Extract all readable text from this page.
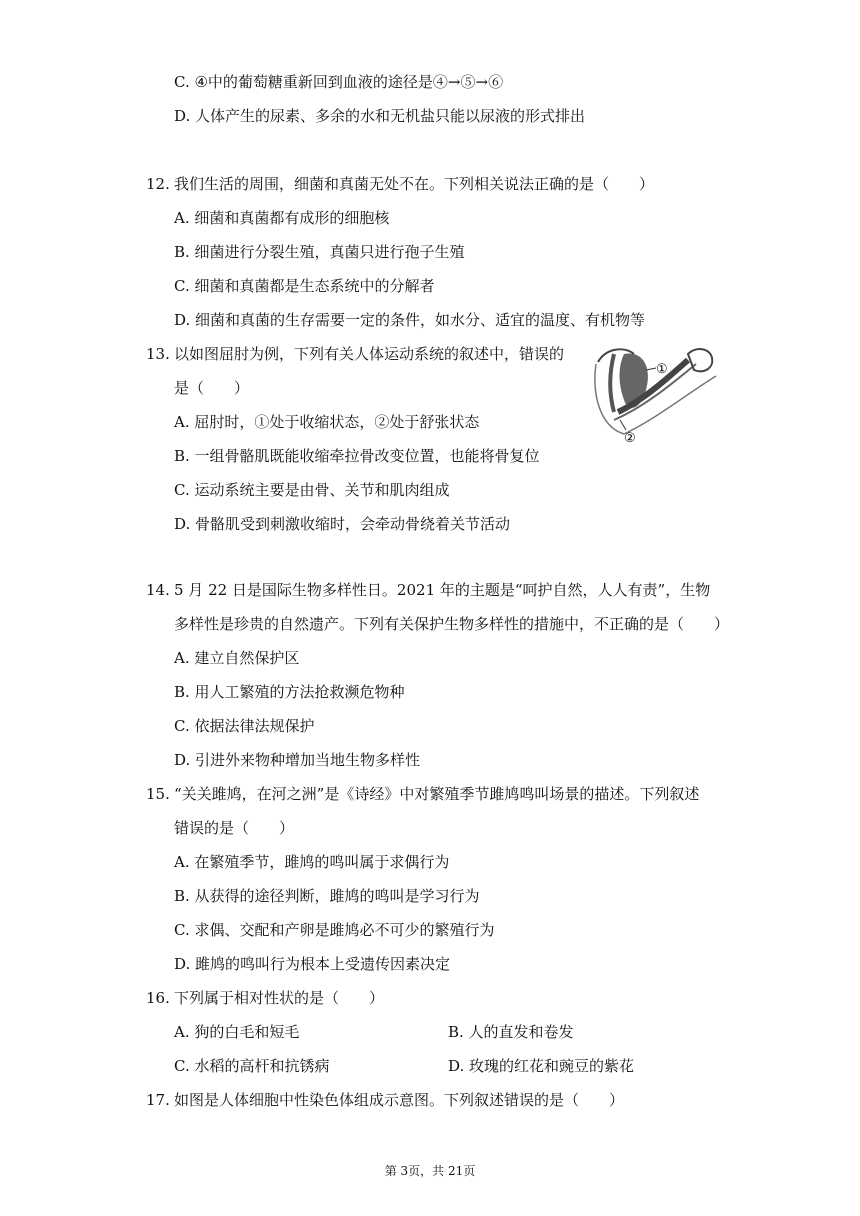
C. ④中的葡萄糖重新回到血液的途径是④→⑤→⑥
D. 人体产生的尿素、多余的水和无机盐只能以尿液的形式排出
12. 我们生活的周围，细菌和真菌无处不在。下列相关说法正确的是（　　）
A. 细菌和真菌都有成形的细胞核
B. 细菌进行分裂生殖，真菌只进行孢子生殖
C. 细菌和真菌都是生态系统中的分解者
D. 细菌和真菌的生存需要一定的条件，如水分、适宜的温度、有机物等
13. 以如图屈肘为例，下列有关人体运动系统的叙述中，错误的
是（　　）
A. 屈肘时，①处于收缩状态，②处于舒张状态
B. 一组骨骼肌既能收缩牵拉骨改变位置，也能将骨复位
C. 运动系统主要是由骨、关节和肌肉组成
D. 骨骼肌受到刺激收缩时，会牵动骨绕着关节活动
①
②
14. 5 月 22 日是国际生物多样性日。2021 年的主题是“呵护自然，人人有责”，生物
多样性是珍贵的自然遗产。下列有关保护生物多样性的措施中，不正确的是（　　）
A. 建立自然保护区
B. 用人工繁殖的方法抢救濒危物种
C. 依据法律法规保护
D. 引进外来物种增加当地生物多样性
15. “关关雎鸠，在河之洲”是《诗经》中对繁殖季节雎鸠鸣叫场景的描述。下列叙述
错误的是（　　）
A. 在繁殖季节，雎鸠的鸣叫属于求偶行为
B. 从获得的途径判断，雎鸠的鸣叫是学习行为
C. 求偶、交配和产卵是雎鸠必不可少的繁殖行为
D. 雎鸠的鸣叫行为根本上受遗传因素决定
16. 下列属于相对性状的是（　　）
A. 狗的白毛和短毛	B. 人的直发和卷发
C. 水稻的高杆和抗锈病	D. 玫瑰的红花和豌豆的紫花
17. 如图是人体细胞中性染色体组成示意图。下列叙述错误的是（　　）
第 3页，共 21页
